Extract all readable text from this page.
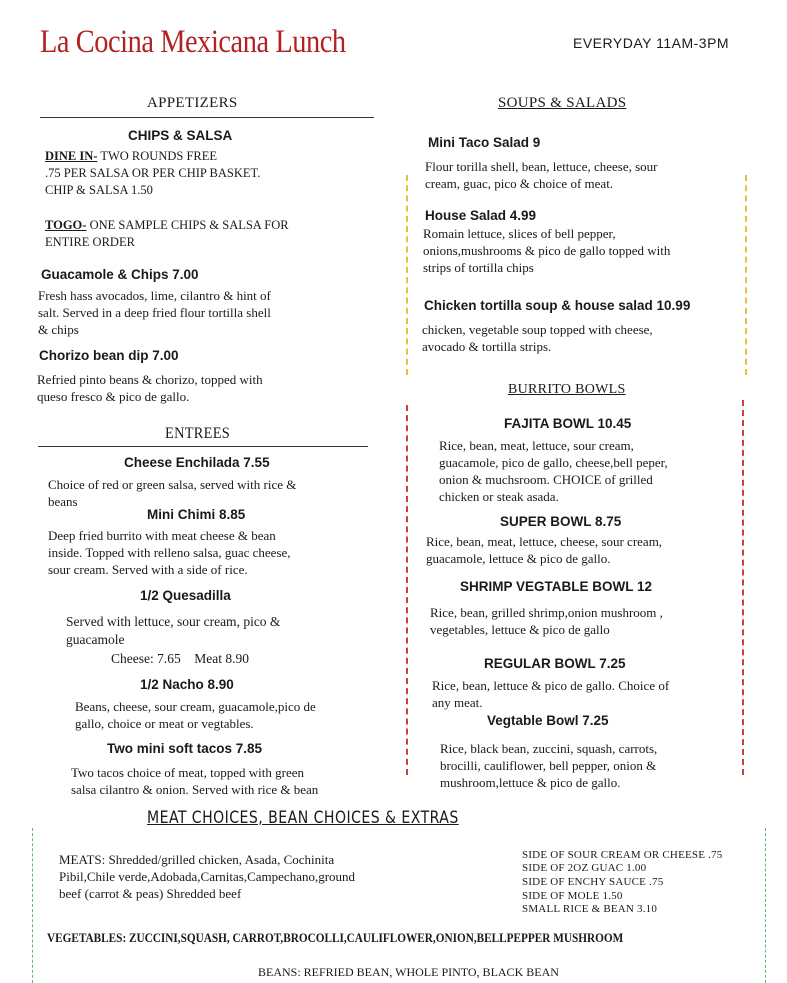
La Cocina Mexicana Lunch	EVERYDAY 11AM-3PM
APPETIZERS
CHIPS & SALSA
DINE IN- TWO ROUNDS FREE
.75 PER SALSA OR PER CHIP BASKET.
CHIP & SALSA 1.50
TOGO- ONE SAMPLE CHIPS & SALSA FOR
ENTIRE ORDER
Guacamole & Chips 7.00
Fresh hass avocados, lime, cilantro & hint of
salt. Served in a deep fried flour tortilla shell
& chips
Chorizo bean dip 7.00
Refried pinto beans & chorizo, topped with
queso fresco & pico de gallo.
ENTREES
Cheese Enchilada 7.55
Choice of red or green salsa, served with rice &
beans
Mini Chimi 8.85
Deep fried burrito with meat cheese & bean
inside. Topped with relleno salsa, guac cheese,
sour cream. Served with a side of rice.
1/2 Quesadilla
Served with lettuce, sour cream, pico &
guacamole
Cheese: 7.65    Meat 8.90
1/2 Nacho 8.90
Beans, cheese, sour cream, guacamole,pico de
gallo, choice or meat or vegtables.
Two mini soft tacos 7.85
Two tacos choice of meat, topped with green
salsa cilantro & onion. Served with rice & bean
SOUPS & SALADS
Mini Taco Salad 9
Flour torilla shell, bean, lettuce, cheese, sour
cream, guac, pico & choice of meat.
House Salad 4.99
Romain lettuce, slices of bell pepper,
onions,mushrooms & pico de gallo topped with
strips of tortilla chips
Chicken tortilla soup & house salad 10.99
chicken, vegetable soup topped with cheese,
avocado & tortilla strips.
BURRITO BOWLS
FAJITA BOWL 10.45
Rice, bean, meat, lettuce, sour cream,
guacamole, pico de gallo, cheese,bell peper,
onion & muchsroom. CHOICE of grilled
chicken or steak asada.
SUPER BOWL 8.75
Rice, bean, meat, lettuce, cheese, sour cream,
guacamole, lettuce & pico de gallo.
SHRIMP VEGTABLE BOWL 12
Rice, bean, grilled shrimp,onion mushroom ,
vegetables, lettuce & pico de gallo
REGULAR BOWL 7.25
Rice, bean, lettuce & pico de gallo. Choice of
any meat.
Vegtable Bowl 7.25
Rice, black bean, zuccini, squash, carrots,
brocilli, cauliflower, bell pepper, onion &
mushroom,lettuce & pico de gallo.
MEAT CHOICES, BEAN CHOICES & EXTRAS
MEATS: Shredded/grilled chicken, Asada, Cochinita
Pibil,Chile verde,Adobada,Carnitas,Campechano,ground
beef (carrot & peas) Shredded beef
SIDE OF SOUR CREAM OR CHEESE .75
SIDE OF 2OZ GUAC 1.00
SIDE OF ENCHY SAUCE .75
SIDE OF MOLE 1.50
SMALL RICE & BEAN 3.10
VEGETABLES: ZUCCINI,SQUASH, CARROT,BROCOLLI,CAULIFLOWER,ONION,BELLPEPPER MUSHROOM
BEANS: REFRIED BEAN, WHOLE PINTO, BLACK BEAN
